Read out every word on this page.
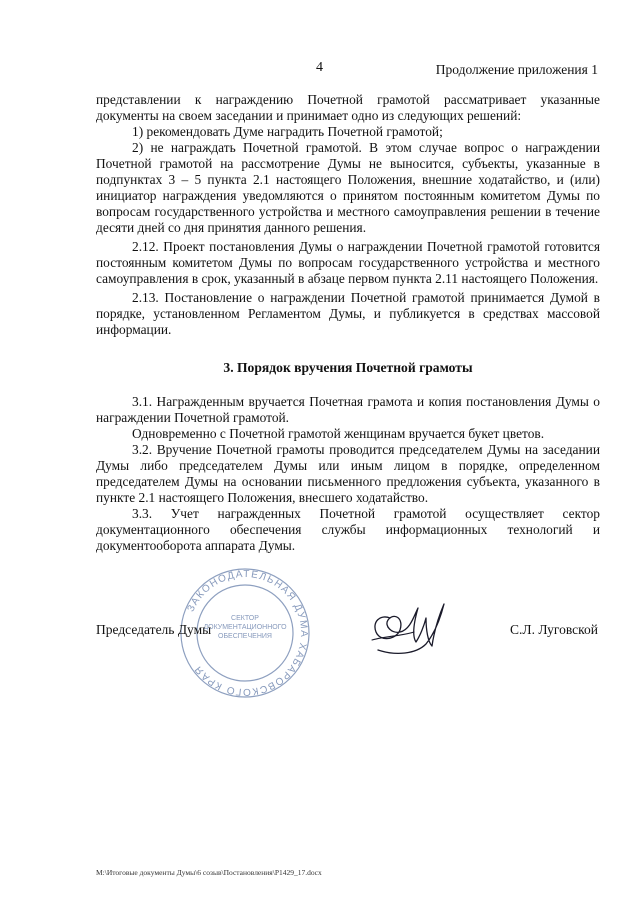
4	Продолжение приложения 1

представлении к награждению Почетной грамотой рассматривает указанные документы на своем заседании и принимает одно из следующих решений:

1) рекомендовать Думе наградить Почетной грамотой;

2) не награждать Почетной грамотой. В этом случае вопрос о награждении Почетной грамотой на рассмотрение Думы не выносится, субъекты, указанные в подпунктах 3 – 5 пункта 2.1 настоящего Положения, внешние ходатайство, и (или) инициатор награждения уведомляются о принятом постоянным комитетом Думы по вопросам государственного устройства и местного самоуправления решении в течение десяти дней со дня принятия данного решения.

2.12. Проект постановления Думы о награждении Почетной грамотой готовится постоянным комитетом Думы по вопросам государственного устройства и местного самоуправления в срок, указанный в абзаце первом пункта 2.11 настоящего Положения.

2.13. Постановление о награждении Почетной грамотой принимается Думой в порядке, установленном Регламентом Думы, и публикуется в средствах массовой информации.

3. Порядок вручения Почетной грамоты

3.1. Награжденным вручается Почетная грамота и копия постановления Думы о награждении Почетной грамотой.

Одновременно с Почетной грамотой женщинам вручается букет цветов.

3.2. Вручение Почетной грамоты проводится председателем Думы на заседании Думы либо председателем Думы или иным лицом в порядке, определенном председателем Думы на основании письменного предложения субъекта, указанного в пункте 2.1 настоящего Положения, внесшего ходатайство.

3.3. Учет награжденных Почетной грамотой осуществляет сектор документационного обеспечения службы информационных технологий и документооборота аппарата Думы.

ЗАКОНОДАТЕЛЬНАЯ ДУМА ХАБАРОВСКОГО КРАЯ
СЕКТОР ДОКУМЕНТАЦИОННОГО ОБЕСПЕЧЕНИЯ
Председатель Думы	С.Л. Луговской
M:\Итоговые документы Думы\6 созыв\Постановления\P1429_17.docx
